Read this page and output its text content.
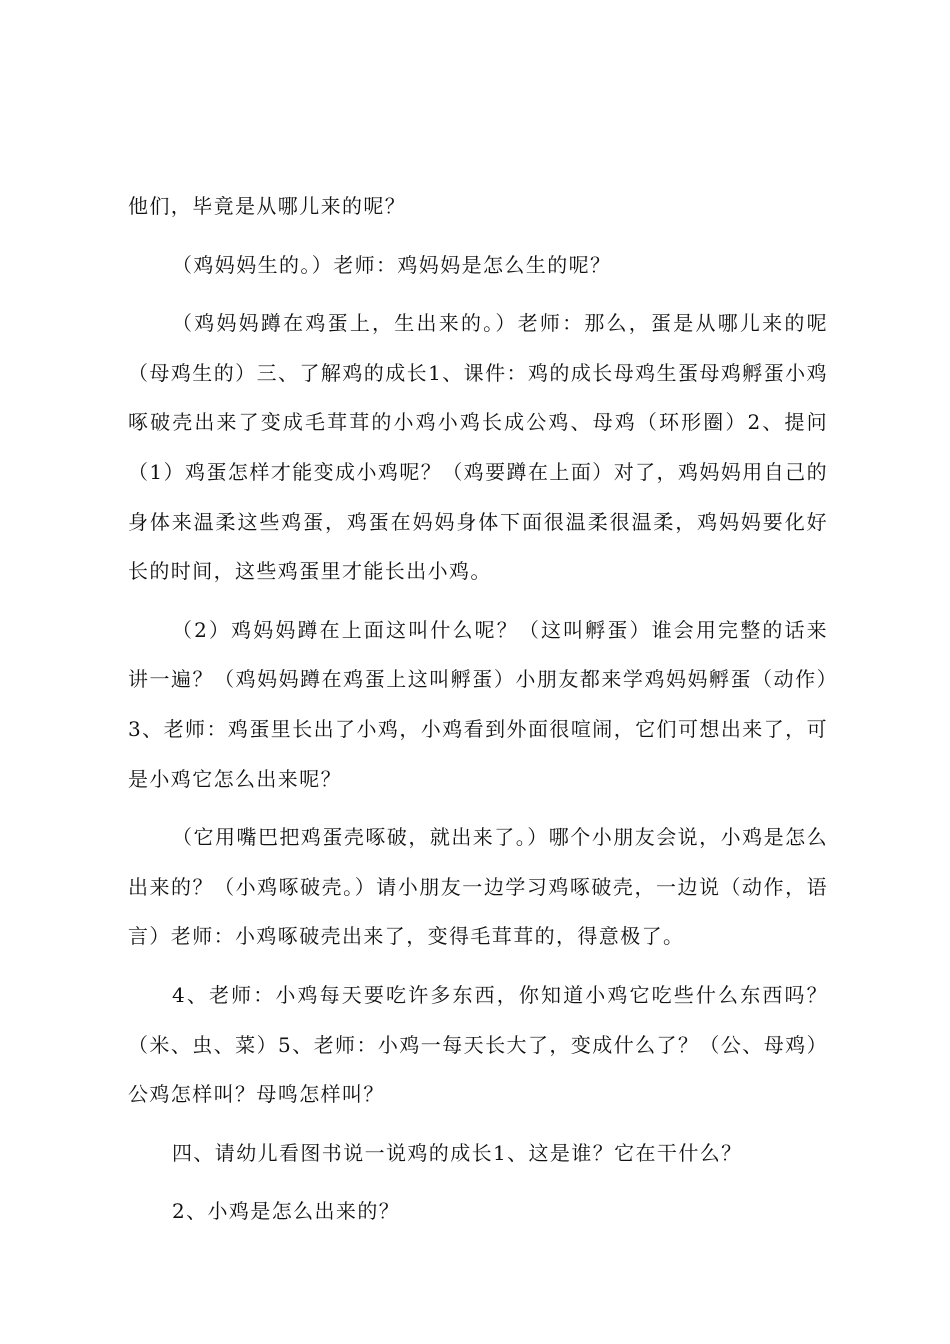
他们，毕竟是从哪儿来的呢？

（鸡妈妈生的。）老师：鸡妈妈是怎么生的呢？

（鸡妈妈蹲在鸡蛋上，生出来的。）老师：那么，蛋是从哪儿来的呢（母鸡生的）三、了解鸡的成长1、课件：鸡的成长母鸡生蛋母鸡孵蛋小鸡啄破壳出来了变成毛茸茸的小鸡小鸡长成公鸡、母鸡（环形圈）2、提问（1）鸡蛋怎样才能变成小鸡呢？（鸡要蹲在上面）对了，鸡妈妈用自己的身体来温柔这些鸡蛋，鸡蛋在妈妈身体下面很温柔很温柔，鸡妈妈要化好长的时间，这些鸡蛋里才能长出小鸡。

（2）鸡妈妈蹲在上面这叫什么呢？（这叫孵蛋）谁会用完整的话来讲一遍？（鸡妈妈蹲在鸡蛋上这叫孵蛋）小朋友都来学鸡妈妈孵蛋（动作）3、老师：鸡蛋里长出了小鸡，小鸡看到外面很喧闹，它们可想出来了，可是小鸡它怎么出来呢？

（它用嘴巴把鸡蛋壳啄破，就出来了。）哪个小朋友会说，小鸡是怎么出来的？（小鸡啄破壳。）请小朋友一边学习鸡啄破壳，一边说（动作，语言）老师：小鸡啄破壳出来了，变得毛茸茸的，得意极了。

4、老师：小鸡每天要吃许多东西，你知道小鸡它吃些什么东西吗？（米、虫、菜）5、老师：小鸡一每天长大了，变成什么了？（公、母鸡）公鸡怎样叫？母鸣怎样叫？

四、请幼儿看图书说一说鸡的成长1、这是谁？它在干什么？

2、小鸡是怎么出来的？
